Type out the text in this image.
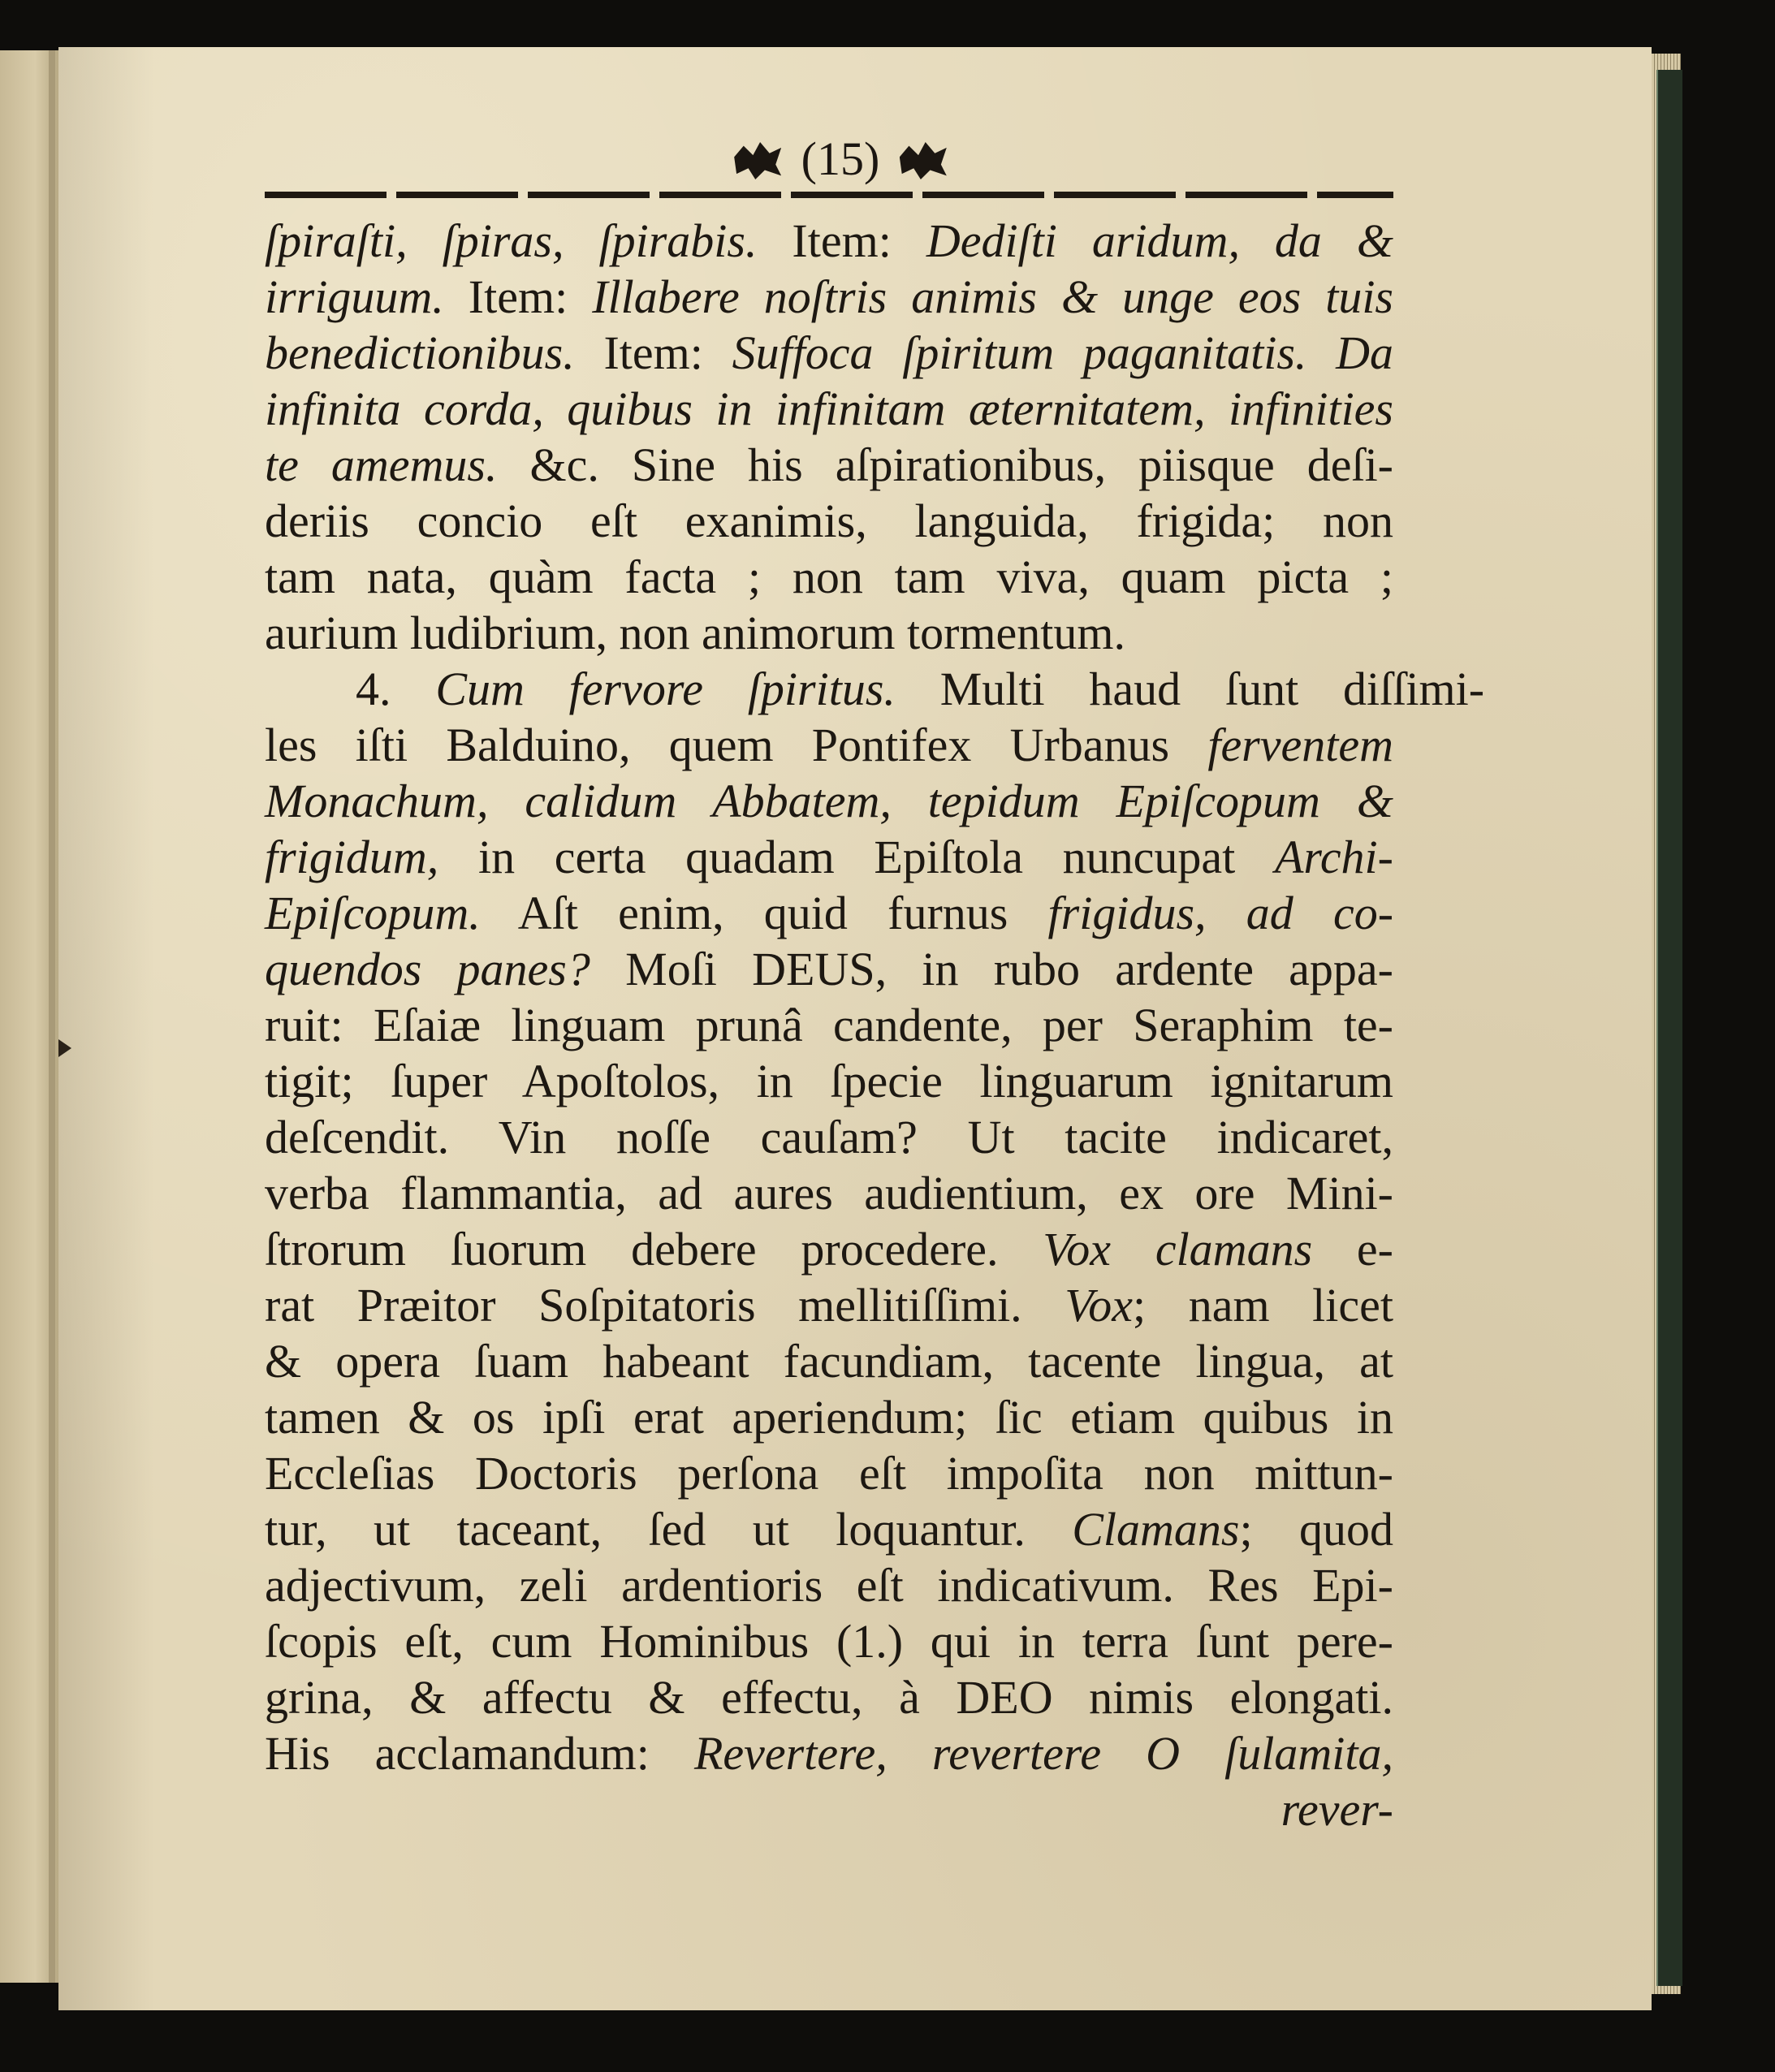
(15)
ſpiraſti, ſpiras, ſpirabis. Item: Dediſti aridum, da &
irriguum. Item: Illabere noſtris animis & unge eos tuis
benedictionibus. Item: Suffoca ſpiritum paganitatis. Da
infinita corda, quibus in infinitam æternitatem, infinities
te amemus. &c. Sine his aſpirationibus, piisque deſi-
deriis concio eſt exanimis, languida, frigida; non
tam nata, quàm facta ; non tam viva, quam picta ;
aurium ludibrium, non animorum tormentum.
4. Cum fervore ſpiritus. Multi haud ſunt diſſimi-
les iſti Balduino, quem Pontifex Urbanus ferventem
Monachum, calidum Abbatem, tepidum Epiſcopum &
frigidum, in certa quadam Epiſtola nuncupat Archi-
Epiſcopum. Aſt enim, quid furnus frigidus, ad co-
quendos panes? Moſi DEUS, in rubo ardente appa-
ruit: Eſaiæ linguam prunâ candente, per Seraphim te-
tigit; ſuper Apoſtolos, in ſpecie linguarum ignitarum
deſcendit. Vin noſſe cauſam? Ut tacite indicaret,
verba flammantia, ad aures audientium, ex ore Mini-
ſtrorum ſuorum debere procedere. Vox clamans e-
rat Præitor Soſpitatoris mellitiſſimi. Vox; nam licet
& opera ſuam habeant facundiam, tacente lingua, at
tamen & os ipſi erat aperiendum; ſic etiam quibus in
Eccleſias Doctoris perſona eſt impoſita non mittun-
tur, ut taceant, ſed ut loquantur. Clamans; quod
adjectivum, zeli ardentioris eſt indicativum. Res Epi-
ſcopis eſt, cum Hominibus (1.) qui in terra ſunt pere-
grina, & affectu & effectu, à DEO nimis elongati.
His acclamandum: Revertere, revertere O ſulamita,
rever-
